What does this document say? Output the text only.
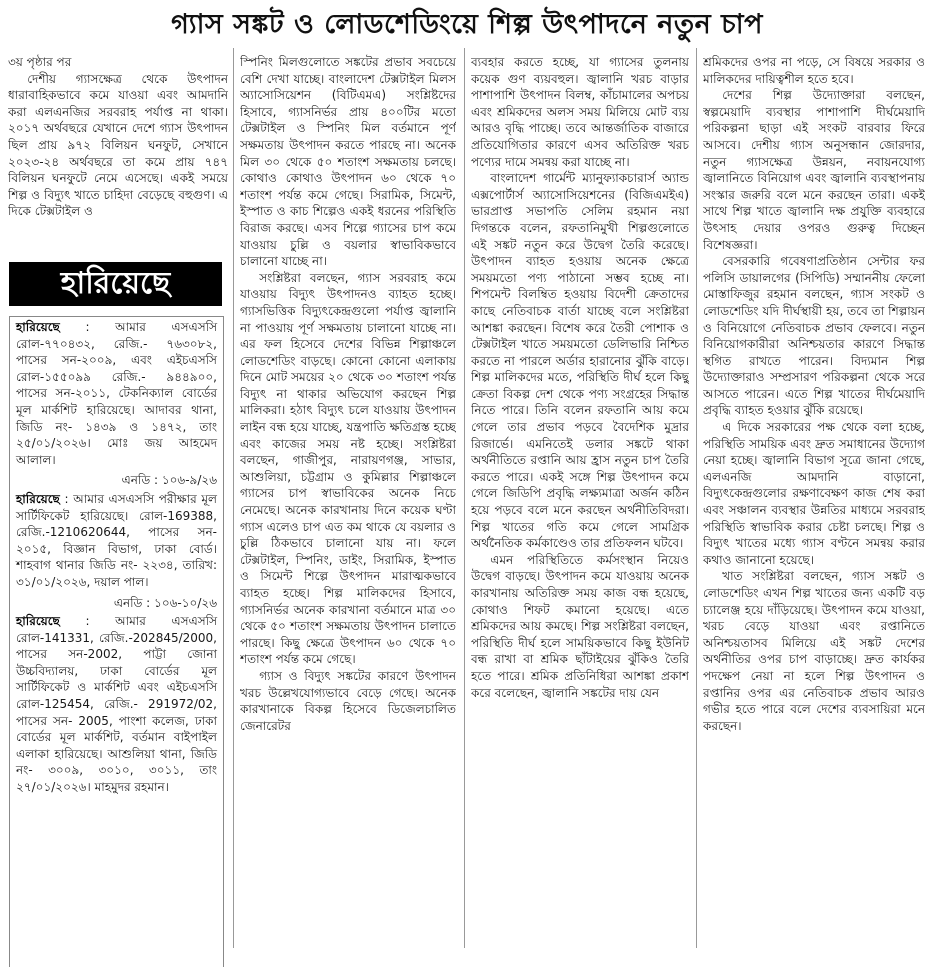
গ্যাস সঙ্কট ও লোডশেডিংয়ে শিল্প উৎপাদনে নতুন চাপ

৩য় পৃষ্ঠার পর

দেশীয় গ্যাসক্ষেত্র থেকে উৎপাদন ধারাবাহিকভাবে কমে যাওয়া এবং আমদানি করা এলএনজির সরবরাহ পর্যাপ্ত না থাকা। ২০১৭ অর্থবছরে যেখানে দেশে গ্যাস উৎপাদন ছিল প্রায় ৯৭২ বিলিয়ন ঘনফুট, সেখানে ২০২৩-২৪ অর্থবছরে তা কমে প্রায় ৭৪৭ বিলিয়ন ঘনফুটে নেমে এসেছে। একই সময়ে শিল্প ও বিদ্যুৎ খাতে চাহিদা বেড়েছে বহুগুণ। এ দিকে টেক্সটাইল ও

হারিয়েছে
হারিয়েছে : আমার এসএসসি রোল-৭৭০৪৩২, রেজি.- ৭৬৩০৮২, পাসের সন-২০০৯, এবং এইচএসসি রোল-১৫৫০৯৯ রেজি.- ৯৪৪৯০০, পাসের সন-২০১১, টেকনিক্যাল বোর্ডের মূল মার্কশিট হারিয়েছে। আদাবর থানা, জিডি নং- ১৪৩৯ ও ১৪৭২, তাং ২৫/০১/২০২৬। মোঃ জয় আহমেদ আলাল।
এনডি : ১০৬-৯/২৬
হারিয়েছে : আমার এসএসসি পরীক্ষার মূল সার্টিফিকেট হারিয়েছে। রোল-169388, রেজি.-1210620644, পাসের সন- ২০১৫, বিজ্ঞান বিভাগ, ঢাকা বোর্ড। শাহবাগ থানার জিডি নং- ২২৩৪, তারিখ: ৩১/০১/২০২৬, দয়াল পাল।
এনডি : ১০৬-১০/২৬
হারিয়েছে : আমার এসএসসি রোল-141331, রেজি.-202845/2000, পাসের সন-2002, পাট্টা জোনা উচ্চবিদ্যালয়, ঢাকা বোর্ডের মূল সার্টিফিকেট ও মার্কশিট এবং এইচএসসি রোল-125454, রেজি.- 291972/02, পাসের সন- 2005, পাংশা কলেজ, ঢাকা বোর্ডের মূল মার্কশিট, বর্তমান বাইপাইল এলাকা হারিয়েছে। আশুলিয়া থানা, জিডি নং- ৩০০৯, ৩০১০, ৩০১১, তাং ২৭/০১/২০২৬। মাহমুদর রহমান।

স্পিনিং মিলগুলোতে সঙ্কটের প্রভাব সবচেয়ে বেশি দেখা যাচ্ছে। বাংলাদেশ টেক্সটাইল মিলস অ্যাসোসিয়েশন (বিটিএমএ) সংশ্লিষ্টদের হিসাবে, গ্যাসনির্ভর প্রায় ৪০০টির মতো টেক্সটাইল ও স্পিনিং মিল বর্তমানে পূর্ণ সক্ষমতায় উৎপাদন করতে পারছে না। অনেক মিল ৩০ থেকে ৫০ শতাংশ সক্ষমতায় চলছে। কোথাও কোথাও উৎপাদন ৬০ থেকে ৭০ শতাংশ পর্যন্ত কমে গেছে। সিরামিক, সিমেন্ট, ইস্পাত ও কাচ শিল্পেও একই ধরনের পরিস্থিতি বিরাজ করছে। এসব শিল্পে গ্যাসের চাপ কমে যাওয়ায় চুল্লি ও বয়লার স্বাভাবিকভাবে চালানো যাচ্ছে না।

সংশ্লিষ্টরা বলছেন, গ্যাস সরবরাহ কমে যাওয়ায় বিদ্যুৎ উৎপাদনও ব্যাহত হচ্ছে। গ্যাসভিত্তিক বিদ্যুৎকেন্দ্রগুলো পর্যাপ্ত জ্বালানি না পাওয়ায় পূর্ণ সক্ষমতায় চালানো যাচ্ছে না। এর ফল হিসেবে দেশের বিভিন্ন শিল্পাঞ্চলে লোডশেডিং বাড়ছে। কোনো কোনো এলাকায় দিনে মোট সময়ের ২০ থেকে ৩০ শতাংশ পর্যন্ত বিদ্যুৎ না থাকার অভিযোগ করছেন শিল্প মালিকরা। হঠাৎ বিদ্যুৎ চলে যাওয়ায় উৎপাদন লাইন বন্ধ হয়ে যাচ্ছে, যন্ত্রপাতি ক্ষতিগ্রস্ত হচ্ছে এবং কাজের সময় নষ্ট হচ্ছে। সংশ্লিষ্টরা বলছেন, গাজীপুর, নারায়ণগঞ্জ, সাভার, আশুলিয়া, চট্টগ্রাম ও কুমিল্লার শিল্পাঞ্চলে গ্যাসের চাপ স্বাভাবিকের অনেক নিচে নেমেছে। অনেক কারখানায় দিনে কয়েক ঘণ্টা গ্যাস এলেও চাপ এত কম থাকে যে বয়লার ও চুল্লি ঠিকভাবে চালানো যায় না। ফলে টেক্সটাইল, স্পিনিং, ডাইং, সিরামিক, ইস্পাত ও সিমেন্ট শিল্পে উৎপাদন মারাত্মকভাবে ব্যাহত হচ্ছে। শিল্প মালিকদের হিসাবে, গ্যাসনির্ভর অনেক কারখানা বর্তমানে মাত্র ৩০ থেকে ৫০ শতাংশ সক্ষমতায় উৎপাদন চালাতে পারছে। কিছু ক্ষেত্রে উৎপাদন ৬০ থেকে ৭০ শতাংশ পর্যন্ত কমে গেছে।

গ্যাস ও বিদ্যুৎ সঙ্কটের কারণে উৎপাদন খরচ উল্লেখযোগ্যভাবে বেড়ে গেছে। অনেক কারখানাকে বিকল্প হিসেবে ডিজেলচালিত জেনারেটর

ব্যবহার করতে হচ্ছে, যা গ্যাসের তুলনায় কয়েক গুণ ব্যয়বহুল। জ্বালানি খরচ বাড়ার পাশাপাশি উৎপাদন বিলম্ব, কাঁচামালের অপচয় এবং শ্রমিকদের অলস সময় মিলিয়ে মোট ব্যয় আরও বৃদ্ধি পাচ্ছে। তবে আন্তর্জাতিক বাজারে প্রতিযোগিতার কারণে এসব অতিরিক্ত খরচ পণ্যের দামে সমন্বয় করা যাচ্ছে না।

বাংলাদেশ গার্মেন্ট ম্যানুফ্যাকচারার্স অ্যান্ড এক্সপোর্টার্স অ্যাসোসিয়েশনের (বিজিএমইএ) ভারপ্রাপ্ত সভাপতি সেলিম রহমান নয়া দিগন্তকে বলেন, রফতানিমুখী শিল্পগুলোতে এই সঙ্কট নতুন করে উদ্বেগ তৈরি করেছে। উৎপাদন ব্যাহত হওয়ায় অনেক ক্ষেত্রে সময়মতো পণ্য পাঠানো সম্ভব হচ্ছে না। শিপমেন্ট বিলম্বিত হওয়ায় বিদেশী ক্রেতাদের কাছে নেতিবাচক বার্তা যাচ্ছে বলে সংশ্লিষ্টরা আশঙ্কা করছেন। বিশেষ করে তৈরী পোশাক ও টেক্সটাইল খাতে সময়মতো ডেলিভারি নিশ্চিত করতে না পারলে অর্ডার হারানোর ঝুঁকি বাড়ে। শিল্প মালিকদের মতে, পরিস্থিতি দীর্ঘ হলে কিছু ক্রেতা বিকল্প দেশ থেকে পণ্য সংগ্রহের সিদ্ধান্ত নিতে পারে। তিনি বলেন রফতানি আয় কমে গেলে তার প্রভাব পড়বে বৈদেশিক মুদ্রার রিজার্ভে। এমনিতেই ডলার সঙ্কটে থাকা অর্থনীতিতে রপ্তানি আয় হ্রাস নতুন চাপ তৈরি করতে পারে। একই সঙ্গে শিল্প উৎপাদন কমে গেলে জিডিপি প্রবৃদ্ধি লক্ষ্যমাত্রা অর্জন কঠিন হয়ে পড়বে বলে মনে করছেন অর্থনীতিবিদরা। শিল্প খাতের গতি কমে গেলে সামগ্রিক অর্থনৈতিক কর্মকাণ্ডেও তার প্রতিফলন ঘটবে।

এমন পরিস্থিতিতে কর্মসংস্থান নিয়েও উদ্বেগ বাড়ছে। উৎপাদন কমে যাওয়ায় অনেক কারখানায় অতিরিক্ত সময় কাজ বন্ধ হয়েছে, কোথাও শিফট কমানো হয়েছে। এতে শ্রমিকদের আয় কমছে। শিল্প সংশ্লিষ্টরা বলছেন, পরিস্থিতি দীর্ঘ হলে সাময়িকভাবে কিছু ইউনিট বন্ধ রাখা বা শ্রমিক ছাঁটাইয়ের ঝুঁকিও তৈরি হতে পারে। শ্রমিক প্রতিনিধিরা আশঙ্কা প্রকাশ করে বলেছেন, জ্বালানি সঙ্কটের দায় যেন

শ্রমিকদের ওপর না পড়ে, সে বিষয়ে সরকার ও মালিকদের দায়িত্বশীল হতে হবে।

দেশের শিল্প উদ্যোক্তারা বলছেন, স্বল্পমেয়াদি ব্যবস্থার পাশাপাশি দীর্ঘমেয়াদি পরিকল্পনা ছাড়া এই সংকট বারবার ফিরে আসবে। দেশীয় গ্যাস অনুসন্ধান জোরদার, নতুন গ্যাসক্ষেত্র উন্নয়ন, নবায়নযোগ্য জ্বালানিতে বিনিয়োগ এবং জ্বালানি ব্যবস্থাপনায় সংস্কার জরুরি বলে মনে করছেন তারা। একই সাথে শিল্প খাতে জ্বালানি দক্ষ প্রযুক্তি ব্যবহারে উৎসাহ দেয়ার ওপরও গুরুত্ব দিচ্ছেন বিশেষজ্ঞরা।

বেসরকারি গবেষণাপ্রতিষ্ঠান সেন্টার ফর পলিসি ডায়ালগের (সিপিডি) সম্মাননীয় ফেলো মোস্তাফিজুর রহমান বলছেন, গ্যাস সংকট ও লোডশেডিং যদি দীর্ঘস্থায়ী হয়, তবে তা শিল্পায়ন ও বিনিয়োগে নেতিবাচক প্রভাব ফেলবে। নতুন বিনিয়োগকারীরা অনিশ্চয়তার কারণে সিদ্ধান্ত স্থগিত রাখতে পারেন। বিদ্যমান শিল্প উদ্যোক্তারাও সম্প্রসারণ পরিকল্পনা থেকে সরে আসতে পারেন। এতে শিল্প খাতের দীর্ঘমেয়াদি প্রবৃদ্ধি ব্যাহত হওয়ার ঝুঁকি রয়েছে।

এ দিকে সরকারের পক্ষ থেকে বলা হচ্ছে, পরিস্থিতি সাময়িক এবং দ্রুত সমাধানের উদ্যোগ নেয়া হচ্ছে। জ্বালানি বিভাগ সূত্রে জানা গেছে, এলএনজি আমদানি বাড়ানো, বিদ্যুৎকেন্দ্রগুলোর রক্ষণাবেক্ষণ কাজ শেষ করা এবং সঞ্চালন ব্যবস্থার উন্নতির মাধ্যমে সরবরাহ পরিস্থিতি স্বাভাবিক করার চেষ্টা চলছে। শিল্প ও বিদ্যুৎ খাতের মধ্যে গ্যাস বণ্টনে সমন্বয় করার কথাও জানানো হয়েছে।

খাত সংশ্লিষ্টরা বলছেন, গ্যাস সঙ্কট ও লোডশেডিং এখন শিল্প খাতের জন্য একটি বড় চ্যালেঞ্জ হয়ে দাঁড়িয়েছে। উৎপাদন কমে যাওয়া, খরচ বেড়ে যাওয়া এবং রপ্তানিতে অনিশ্চয়তাসব মিলিয়ে এই সঙ্কট দেশের অর্থনীতির ওপর চাপ বাড়াচ্ছে। দ্রুত কার্যকর পদক্ষেপ নেয়া না হলে শিল্প উৎপাদন ও রপ্তানির ওপর এর নেতিবাচক প্রভাব আরও গভীর হতে পারে বলে দেশের ব্যবসায়িরা মনে করছেন।
